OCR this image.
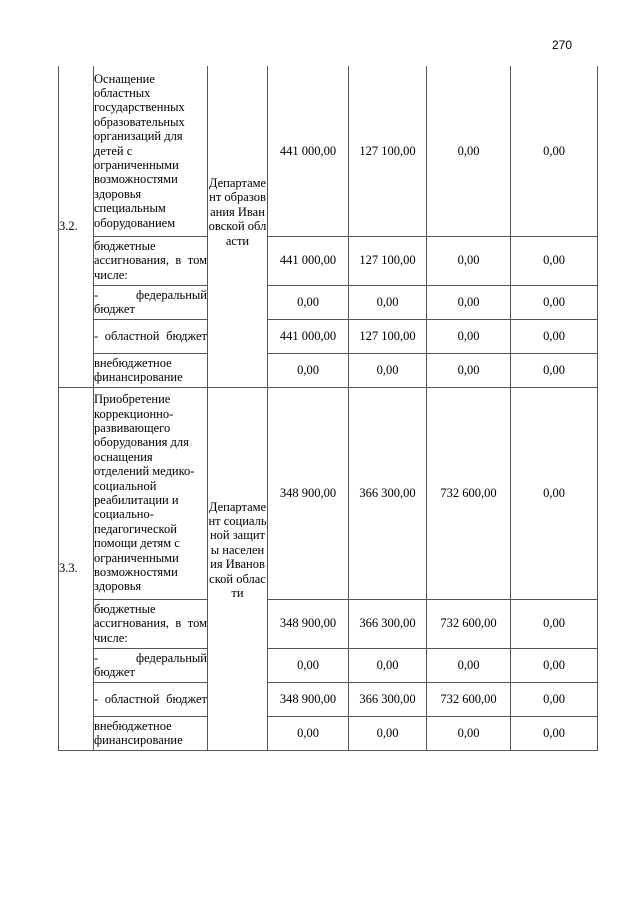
270
3.2.	Оснащение областных государственных образовательных организаций для детей с ограниченными возможностями здоровья специальным оборудованием	Департамент образования Ивановской области	441 000,00	127 100,00	0,00	0,00
	бюджетные ассигнования, в том числе:		441 000,00	127 100,00	0,00	0,00
	- федеральный бюджет		0,00	0,00	0,00	0,00
	- областной бюджет		441 000,00	127 100,00	0,00	0,00
	внебюджетное финансирование		0,00	0,00	0,00	0,00
3.3.	Приобретение коррекционно-развивающего оборудования для оснащения отделений медико-социальной реабилитации и социально-педагогической помощи детям с ограниченными возможностями здоровья	Департамент социальной защиты населения Ивановской области	348 900,00	366 300,00	732 600,00	0,00
	бюджетные ассигнования, в том числе:		348 900,00	366 300,00	732 600,00	0,00
	- федеральный бюджет		0,00	0,00	0,00	0,00
	- областной бюджет		348 900,00	366 300,00	732 600,00	0,00
	внебюджетное финансирование		0,00	0,00	0,00	0,00
